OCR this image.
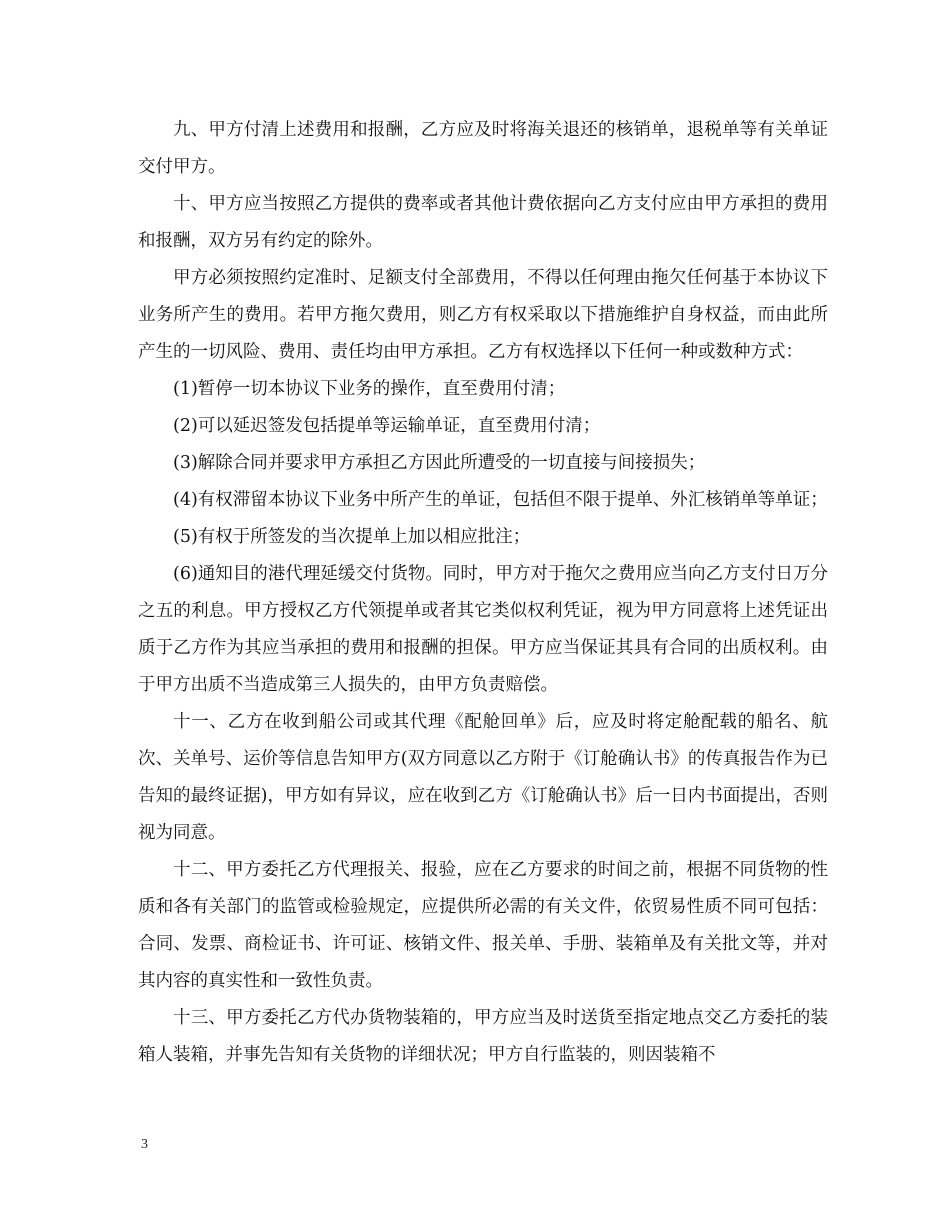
九、甲方付清上述费用和报酬，乙方应及时将海关退还的核销单，退税单等有关单证交付甲方。

十、甲方应当按照乙方提供的费率或者其他计费依据向乙方支付应由甲方承担的费用和报酬，双方另有约定的除外。

甲方必须按照约定准时、足额支付全部费用，不得以任何理由拖欠任何基于本协议下业务所产生的费用。若甲方拖欠费用，则乙方有权采取以下措施维护自身权益，而由此所产生的一切风险、费用、责任均由甲方承担。乙方有权选择以下任何一种或数种方式：

(1)暂停一切本协议下业务的操作，直至费用付清；

(2)可以延迟签发包括提单等运输单证，直至费用付清；

(3)解除合同并要求甲方承担乙方因此所遭受的一切直接与间接损失；

(4)有权滞留本协议下业务中所产生的单证，包括但不限于提单、外汇核销单等单证；

(5)有权于所签发的当次提单上加以相应批注；

(6)通知目的港代理延缓交付货物。同时，甲方对于拖欠之费用应当向乙方支付日万分之五的利息。甲方授权乙方代领提单或者其它类似权利凭证，视为甲方同意将上述凭证出质于乙方作为其应当承担的费用和报酬的担保。甲方应当保证其具有合同的出质权利。由于甲方出质不当造成第三人损失的，由甲方负责赔偿。

十一、乙方在收到船公司或其代理《配舱回单》后，应及时将定舱配载的船名、航次、关单号、运价等信息告知甲方(双方同意以乙方附于《订舱确认书》的传真报告作为已告知的最终证据)，甲方如有异议，应在收到乙方《订舱确认书》后一日内书面提出，否则视为同意。

十二、甲方委托乙方代理报关、报验，应在乙方要求的时间之前，根据不同货物的性质和各有关部门的监管或检验规定，应提供所必需的有关文件，依贸易性质不同可包括：合同、发票、商检证书、许可证、核销文件、报关单、手册、装箱单及有关批文等，并对其内容的真实性和一致性负责。

十三、甲方委托乙方代办货物装箱的，甲方应当及时送货至指定地点交乙方委托的装箱人装箱，并事先告知有关货物的详细状况；甲方自行监装的，则因装箱不

3
